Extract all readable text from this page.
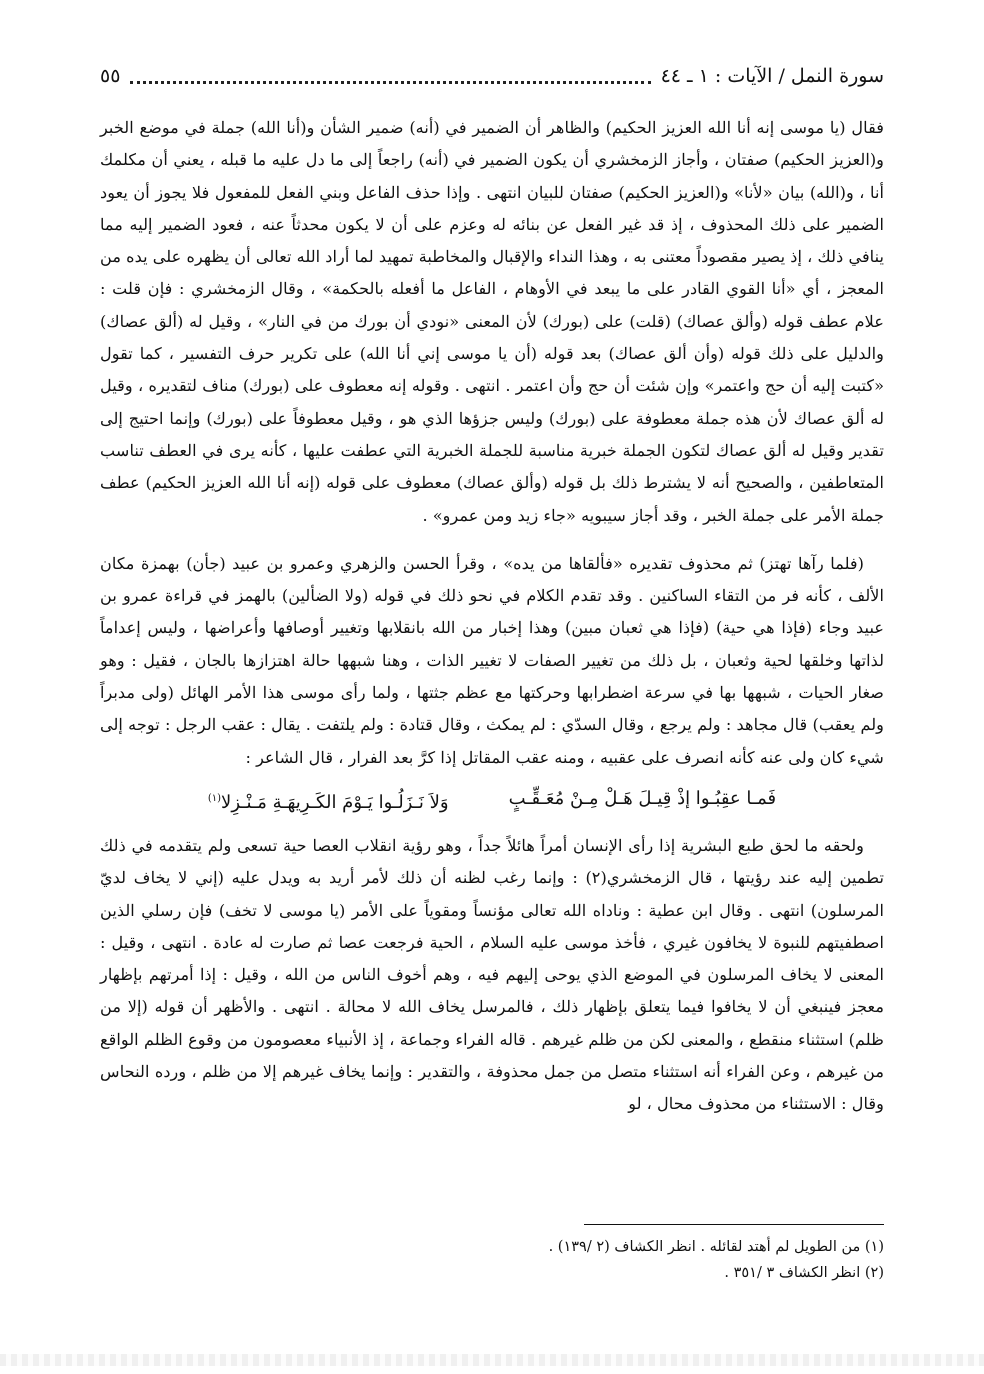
سورة النمل / الآيات : ١ ـ ٤٤
٥٥

فقال (يا موسى إنه أنا الله العزيز الحكيم) والظاهر أن الضمير في (أنه) ضمير الشأن و(أنا الله) جملة في موضع الخبر و(العزيز الحكيم) صفتان ، وأجاز الزمخشري أن يكون الضمير في (أنه) راجعاً إلى ما دل عليه ما قبله ، يعني أن مكلمك أنا ، و(الله) بيان «لأنا» و(العزيز الحكيم) صفتان للبيان انتهى . وإذا حذف الفاعل وبني الفعل للمفعول فلا يجوز أن يعود الضمير على ذلك المحذوف ، إذ قد غير الفعل عن بنائه له وعزم على أن لا يكون محدثاً عنه ، فعود الضمير إليه مما ينافي ذلك ، إذ يصير مقصوداً معتنى به ، وهذا النداء والإقبال والمخاطبة تمهيد لما أراد الله تعالى أن يظهره على يده من المعجز ، أي «أنا القوي القادر على ما يبعد في الأوهام ، الفاعل ما أفعله بالحكمة» ، وقال الزمخشري : فإن قلت : علام عطف قوله (وألق عصاك) (قلت) على (بورك) لأن المعنى «نودي أن بورك من في النار» ، وقيل له (ألق عصاك) والدليل على ذلك قوله (وأن ألق عصاك) بعد قوله (أن يا موسى إني أنا الله) على تكرير حرف التفسير ، كما تقول «كتبت إليه أن حج واعتمر» وإن شئت أن حج وأن اعتمر . انتهى . وقوله إنه معطوف على (بورك) مناف لتقديره ، وقيل له ألق عصاك لأن هذه جملة معطوفة على (بورك) وليس جزؤها الذي هو ، وقيل معطوفاً على (بورك) وإنما احتيج إلى تقدير وقيل له ألق عصاك لتكون الجملة خبرية مناسبة للجملة الخبرية التي عطفت عليها ، كأنه يرى في العطف تناسب المتعاطفين ، والصحيح أنه لا يشترط ذلك بل قوله (وألق عصاك) معطوف على قوله (إنه أنا الله العزيز الحكيم) عطف جملة الأمر على جملة الخبر ، وقد أجاز سيبويه «جاء زيد ومن عمرو» .

(فلما رآها تهتز) ثم محذوف تقديره «فألقاها من يده» ، وقرأ الحسن والزهري وعمرو بن عبيد (جأن) بهمزة مكان الألف ، كأنه فر من التقاء الساكنين . وقد تقدم الكلام في نحو ذلك في قوله (ولا الضألين) بالهمز في قراءة عمرو بن عبيد وجاء (فإذا هي حية) (فإذا هي ثعبان مبين) وهذا إخبار من الله بانقلابها وتغيير أوصافها وأعراضها ، وليس إعداماً لذاتها وخلقها لحية وثعبان ، بل ذلك من تغيير الصفات لا تغيير الذات ، وهنا شبهها حالة اهتزازها بالجان ، فقيل : وهو صغار الحيات ، شبهها بها في سرعة اضطرابها وحركتها مع عظم جثتها ، ولما رأى موسى هذا الأمر الهائل (ولى مدبراً ولم يعقب) قال مجاهد : ولم يرجع ، وقال السدّي : لم يمكث ، وقال قتادة : ولم يلتفت . يقال : عقب الرجل : توجه إلى شيء كان ولى عنه كأنه انصرف على عقبيه ، ومنه عقب المقاتل إذا كرَّ بعد الفرار ، قال الشاعر :

فَمـا عقِبُـوا إذْ قِيـلَ هَـلْ مِـنْ مُعَـقِّـبٍ
وَلاَ نَـزَلُـوا يَـوْمَ الكَـرِيهَـةِ مَـنْـزِلا$^{(١)}$

ولحقه ما لحق طبع البشرية إذا رأى الإنسان أمراً هائلاً جداً ، وهو رؤية انقلاب العصا حية تسعى ولم يتقدمه في ذلك تطمين إليه عند رؤيتها ، قال الزمخشري(٢) : وإنما رغب لظنه أن ذلك لأمر أريد به ويدل عليه (إني لا يخاف لديّ المرسلون) انتهى . وقال ابن عطية : وناداه الله تعالى مؤنساً ومقوياً على الأمر (يا موسى لا تخف) فإن رسلي الذين اصطفيتهم للنبوة لا يخافون غيري ، فأخذ موسى عليه السلام ، الحية فرجعت عصا ثم صارت له عادة . انتهى ، وقيل : المعنى لا يخاف المرسلون في الموضع الذي يوحى إليهم فيه ، وهم أخوف الناس من الله ، وقيل : إذا أمرتهم بإظهار معجز فينبغي أن لا يخافوا فيما يتعلق بإظهار ذلك ، فالمرسل يخاف الله لا محالة . انتهى . والأظهر أن قوله (إلا من ظلم) استثناء منقطع ، والمعنى لكن من ظلم غيرهم . قاله الفراء وجماعة ، إذ الأنبياء معصومون من وقوع الظلم الواقع من غيرهم ، وعن الفراء أنه استثناء متصل من جمل محذوفة ، والتقدير : وإنما يخاف غيرهم إلا من ظلم ، ورده النحاس وقال : الاستثناء من محذوف محال ، لو

(١) من الطويل لم أهتد لقائله . انظر الكشاف (٢ /١٣٩) .
(٢) انظر الكشاف ٣ /٣٥١ .
